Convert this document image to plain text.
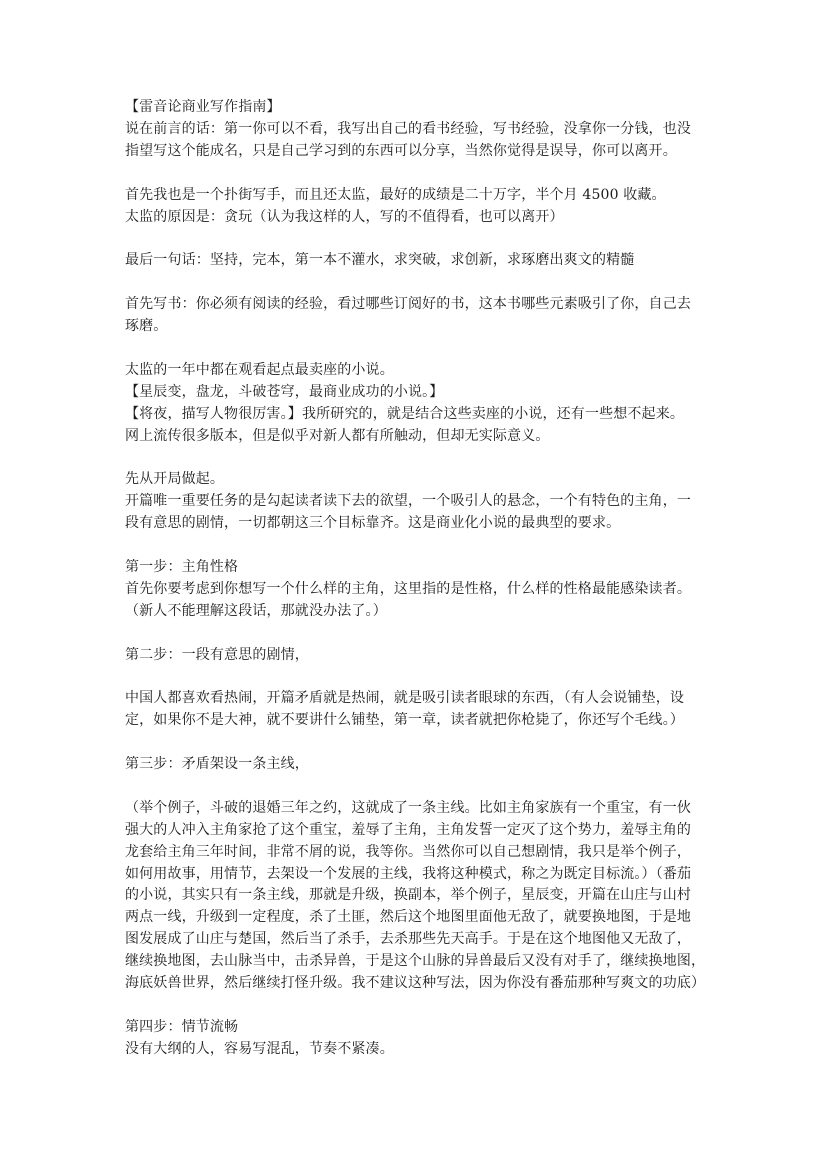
【雷音论商业写作指南】
说在前言的话：第一你可以不看，我写出自己的看书经验，写书经验，没拿你一分钱，也没
指望写这个能成名，只是自己学习到的东西可以分享，当然你觉得是误导，你可以离开。
首先我也是一个扑街写手，而且还太监，最好的成绩是二十万字，半个月 4500 收藏。
太监的原因是：贪玩（认为我这样的人，写的不值得看，也可以离开）
最后一句话：坚持，完本，第一本不灌水，求突破，求创新，求琢磨出爽文的精髓
首先写书：你必须有阅读的经验，看过哪些订阅好的书，这本书哪些元素吸引了你，自己去
琢磨。
太监的一年中都在观看起点最卖座的小说。
【星辰变，盘龙，斗破苍穹，最商业成功的小说。】
【将夜，描写人物很厉害。】我所研究的，就是结合这些卖座的小说，还有一些想不起来。
网上流传很多版本，但是似乎对新人都有所触动，但却无实际意义。
先从开局做起。
开篇唯一重要任务的是勾起读者读下去的欲望，一个吸引人的悬念，一个有特色的主角，一
段有意思的剧情，一切都朝这三个目标靠齐。这是商业化小说的最典型的要求。
第一步：主角性格
首先你要考虑到你想写一个什么样的主角，这里指的是性格，什么样的性格最能感染读者。
（新人不能理解这段话，那就没办法了。）
第二步：一段有意思的剧情，
中国人都喜欢看热闹，开篇矛盾就是热闹，就是吸引读者眼球的东西，（有人会说铺垫，设
定，如果你不是大神，就不要讲什么铺垫，第一章，读者就把你枪毙了，你还写个毛线。）
第三步：矛盾架设一条主线，
（举个例子，斗破的退婚三年之约，这就成了一条主线。比如主角家族有一个重宝，有一伙
强大的人冲入主角家抢了这个重宝，羞辱了主角，主角发誓一定灭了这个势力，羞辱主角的
龙套给主角三年时间，非常不屑的说，我等你。当然你可以自己想剧情，我只是举个例子，
如何用故事，用情节，去架设一个发展的主线，我将这种模式，称之为既定目标流。）（番茄
的小说，其实只有一条主线，那就是升级，换副本，举个例子，星辰变，开篇在山庄与山村
两点一线，升级到一定程度，杀了土匪，然后这个地图里面他无敌了，就要换地图，于是地
图发展成了山庄与楚国，然后当了杀手，去杀那些先天高手。于是在这个地图他又无敌了，
继续换地图，去山脉当中，击杀异兽，于是这个山脉的异兽最后又没有对手了，继续换地图，
海底妖兽世界，然后继续打怪升级。我不建议这种写法，因为你没有番茄那种写爽文的功底）
第四步：情节流畅
没有大纲的人，容易写混乱，节奏不紧凑。
